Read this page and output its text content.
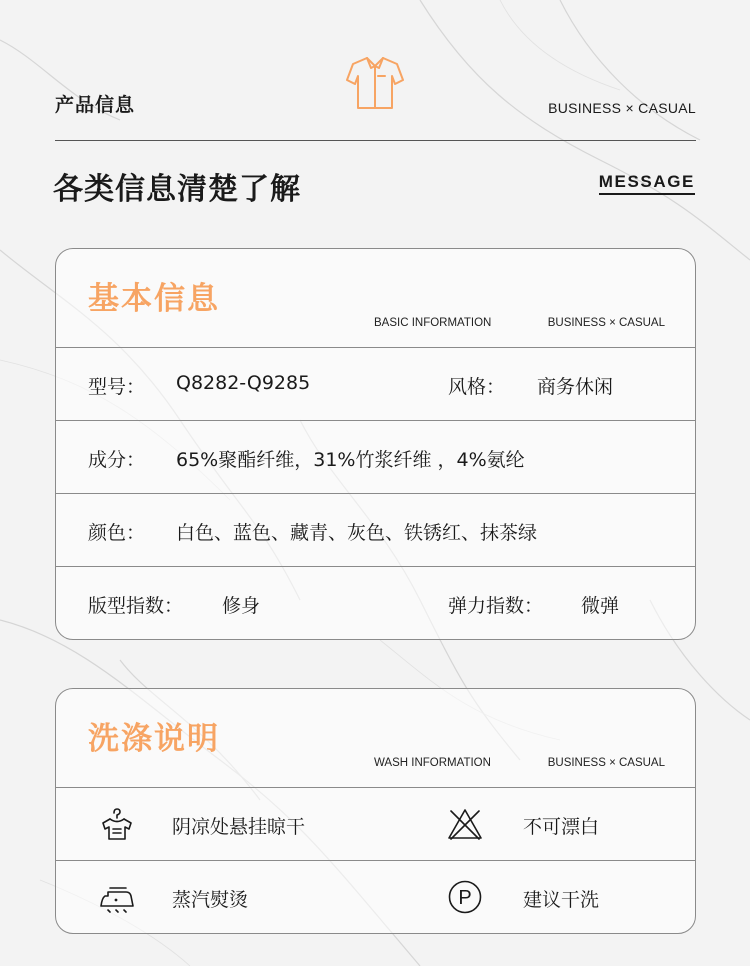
产品信息	BUSINESS × CASUAL
各类信息清楚了解	MESSAGE
基本信息
BASIC INFORMATION	BUSINESS × CASUAL
型号： Q8282-Q9285	风格： 商务休闲
成分： 65%聚酯纤维，31%竹浆纤维 ，4%氨纶
颜色： 白色、蓝色、藏青、灰色、铁锈红、抹茶绿
版型指数： 修身	弹力指数： 微弹
洗涤说明
WASH INFORMATION	BUSINESS × CASUAL
阴凉处悬挂晾干	不可漂白
蒸汽熨烫	P	建议干洗
